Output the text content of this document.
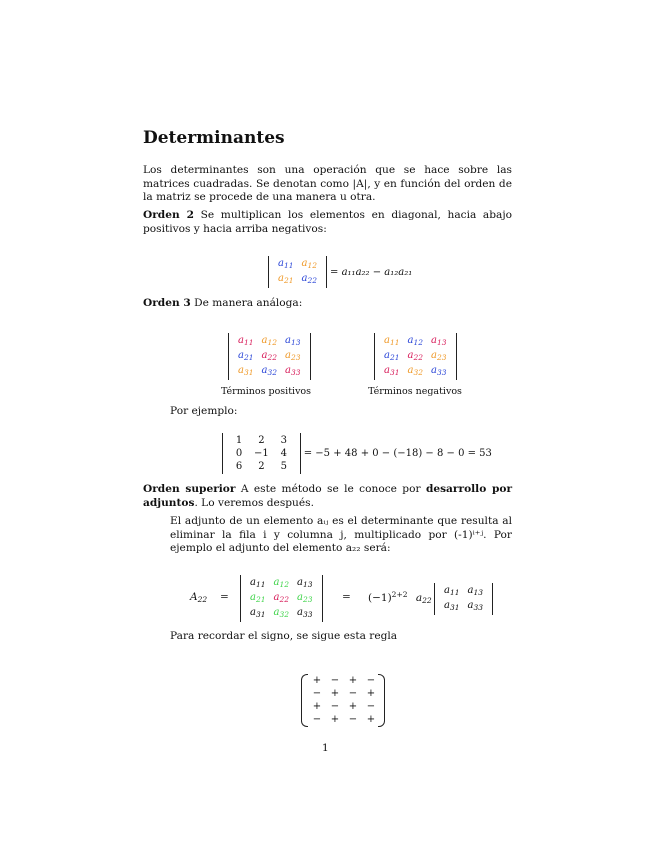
Determinantes
Los determinantes son una operación que se hace sobre las matrices cuadradas. Se denotan como |A|, y en función del orden de la matriz se procede de una manera u otra.
Orden 2 Se multiplican los elementos en diagonal, hacia abajo positivos y hacia arriba negativos:
$a_{11}$	$a_{12}$
$a_{21}$	$a_{22}$
= a₁₁a₂₂ − a₁₂a₂₁
Orden 3 De manera análoga:
$a_{11}$	$a_{12}$	$a_{13}$
$a_{21}$	$a_{22}$	$a_{23}$
$a_{31}$	$a_{32}$	$a_{33}$
Términos positivos
$a_{11}$	$a_{12}$	$a_{13}$
$a_{21}$	$a_{22}$	$a_{23}$
$a_{31}$	$a_{32}$	$a_{33}$
Términos negativos
Por ejemplo:
1	2	3
0	−1	4
6	2	5
= −5 + 48 + 0 − (−18) − 8 − 0 = 53
Orden superior A este método se le conoce por desarrollo por adjuntos. Lo veremos después.
El adjunto de un elemento aᵢⱼ es el determinante que resulta al eliminar la fila i y columna j, multiplicado por (-1)ⁱ⁺ʲ. Por ejemplo el adjunto del elemento a₂₂ será:
$A_{22}$ =
$a_{11}$	$a_{12}$	$a_{13}$
$a_{21}$	$a_{22}$	$a_{23}$
$a_{31}$	$a_{32}$	$a_{33}$
= $(-1)^{2+2}$ $a_{22}$
$a_{11}$	$a_{13}$
$a_{31}$	$a_{33}$
Para recordar el signo, se sigue esta regla
+	−	+	−
−	+	−	+
+	−	+	−
−	+	−	+
1
